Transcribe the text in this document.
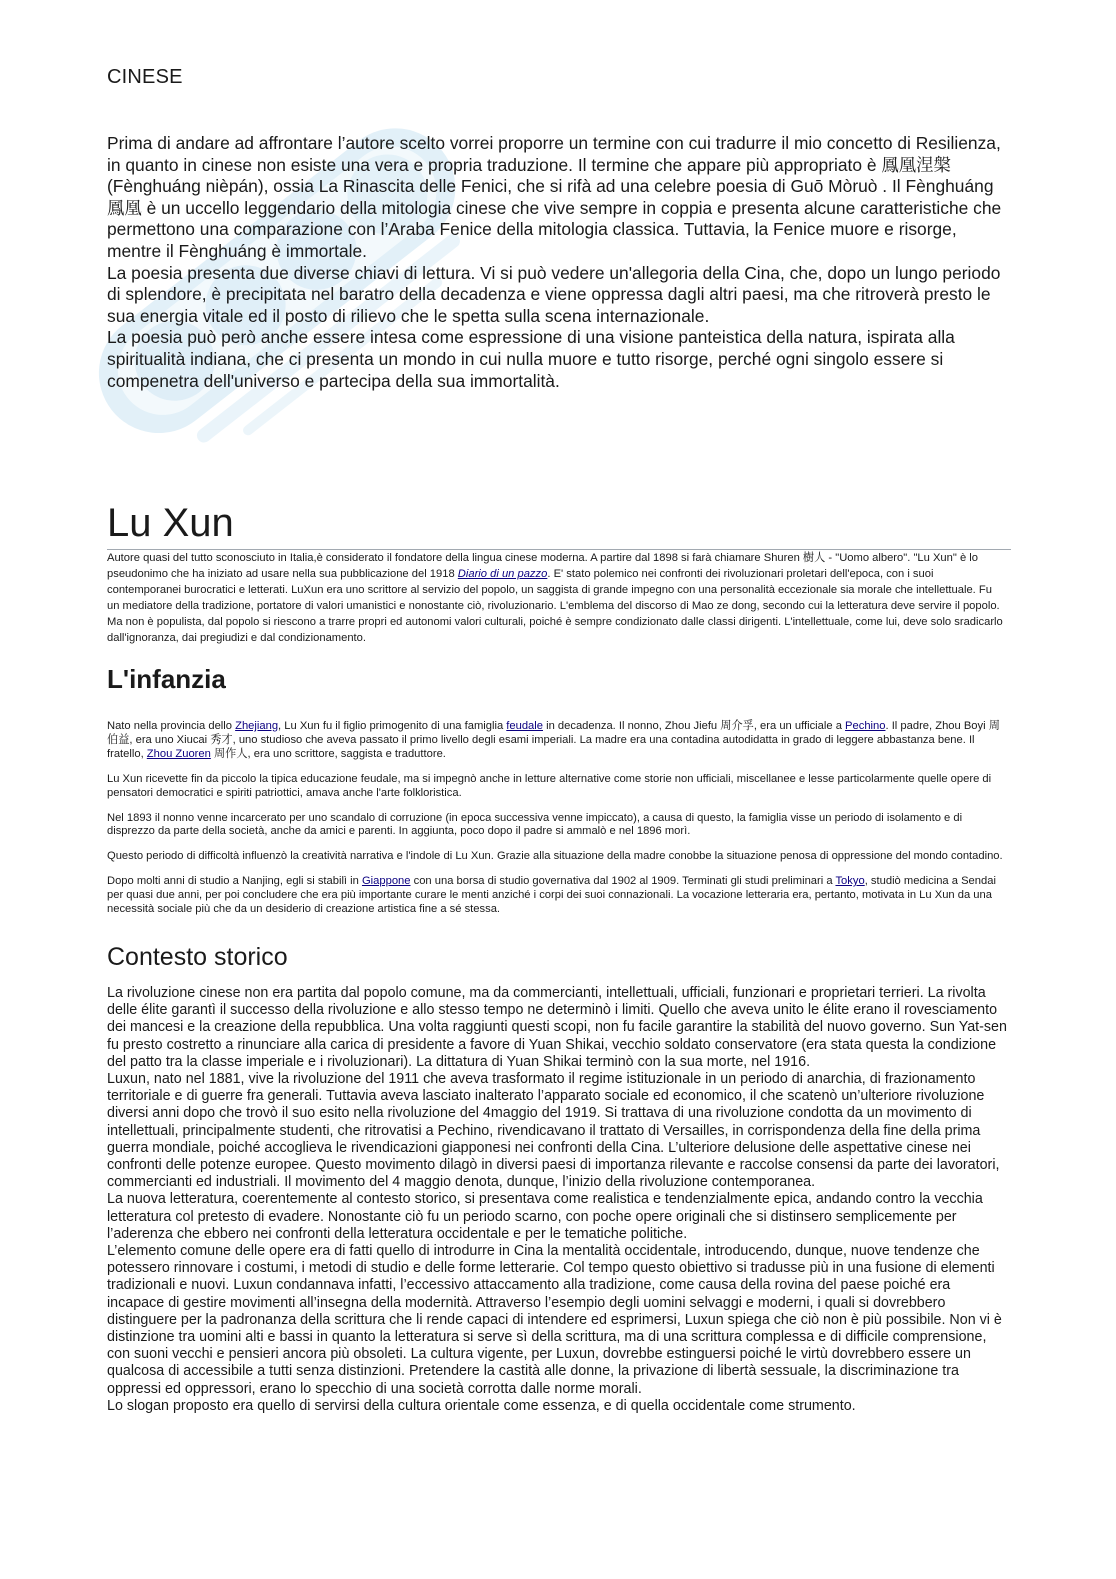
CINESE

Prima di andare ad affrontare l’autore scelto vorrei proporre un termine con cui tradurre il mio concetto di Resilienza, in quanto in cinese non esiste una vera e propria traduzione. Il termine che appare più appropriato è 鳳凰涅槃 (Fènghuáng nièpán), ossia La Rinascita delle Fenici, che si rifà ad una celebre poesia di Guō Mòruò . Il Fènghuáng 鳳凰 è un uccello leggendario della mitologia cinese che vive sempre in coppia e presenta alcune caratteristiche che permettono una comparazione con l’Araba Fenice della mitologia classica. Tuttavia, la Fenice muore e risorge, mentre il Fènghuáng è immortale.

La poesia presenta due diverse chiavi di lettura. Vi si può vedere un'allegoria della Cina, che, dopo un lungo periodo di splendore, è precipitata nel baratro della decadenza e viene oppressa dagli altri paesi, ma che ritroverà presto le sua energia vitale ed il posto di rilievo che le spetta sulla scena internazionale.

La poesia può però anche essere intesa come espressione di una visione panteistica della natura, ispirata alla spiritualità indiana, che ci presenta un mondo in cui nulla muore e tutto risorge, perché ogni singolo essere si compenetra dell'universo e partecipa della sua immortalità.

Lu Xun

Autore quasi del tutto sconosciuto in Italia,è considerato il fondatore della lingua cinese moderna. A partire dal 1898 si farà chiamare Shuren 樹人 - "Uomo albero". "Lu Xun" è lo pseudonimo che ha iniziato ad usare nella sua pubblicazione del 1918 Diario di un pazzo. E' stato polemico nei confronti dei rivoluzionari proletari dell'epoca, con i suoi contemporanei burocratici e letterati. LuXun era uno scrittore al servizio del popolo, un saggista di grande impegno con una personalità eccezionale sia morale che intellettuale. Fu un mediatore della tradizione, portatore di valori umanistici e nonostante ciò, rivoluzionario. L'emblema del discorso di Mao ze dong, secondo cui la letteratura deve servire il popolo. Ma non è populista, dal popolo si riescono a trarre propri ed autonomi valori culturali, poiché è sempre condizionato dalle classi dirigenti. L'intellettuale, come lui, deve solo sradicarlo dall'ignoranza, dai pregiudizi e dal condizionamento.

L'infanzia

Nato nella provincia dello Zhejiang, Lu Xun fu il figlio primogenito di una famiglia feudale in decadenza. Il nonno, Zhou Jiefu 周介孚, era un ufficiale a Pechino. Il padre, Zhou Boyi 周伯益, era uno Xiucai 秀才, uno studioso che aveva passato il primo livello degli esami imperiali. La madre era una contadina autodidatta in grado di leggere abbastanza bene. Il fratello, Zhou Zuoren 周作人, era uno scrittore, saggista e traduttore.

Lu Xun ricevette fin da piccolo la tipica educazione feudale, ma si impegnò anche in letture alternative come storie non ufficiali, miscellanee e lesse particolarmente quelle opere di pensatori democratici e spiriti patriottici, amava anche l'arte folkloristica.

Nel 1893 il nonno venne incarcerato per uno scandalo di corruzione (in epoca successiva venne impiccato), a causa di questo, la famiglia visse un periodo di isolamento e di disprezzo da parte della società, anche da amici e parenti. In aggiunta, poco dopo il padre si ammalò e nel 1896 morì.

Questo periodo di difficoltà influenzò la creatività narrativa e l'indole di Lu Xun. Grazie alla situazione della madre conobbe la situazione penosa di oppressione del mondo contadino.

Dopo molti anni di studio a Nanjing, egli si stabilì in Giappone con una borsa di studio governativa dal 1902 al 1909. Terminati gli studi preliminari a Tokyo, studiò medicina a Sendai per quasi due anni, per poi concludere che era più importante curare le menti anziché i corpi dei suoi connazionali. La vocazione letteraria era, pertanto, motivata in Lu Xun da una necessità sociale più che da un desiderio di creazione artistica fine a sé stessa.

Contesto storico

La rivoluzione cinese non era partita dal popolo comune, ma da commercianti, intellettuali, ufficiali, funzionari e proprietari terrieri. La rivolta delle élite garantì il successo della rivoluzione e allo stesso tempo ne determinò i limiti. Quello che aveva unito le élite erano il rovesciamento dei mancesi e la creazione della repubblica. Una volta raggiunti questi scopi, non fu facile garantire la stabilità del nuovo governo. Sun Yat-sen fu presto costretto a rinunciare alla carica di presidente a favore di Yuan Shikai, vecchio soldato conservatore (era stata questa la condizione del patto tra la classe imperiale e i rivoluzionari). La dittatura di Yuan Shikai terminò con la sua morte, nel 1916.

Luxun, nato nel 1881, vive la rivoluzione del 1911 che aveva trasformato il regime istituzionale in un periodo di anarchia, di frazionamento territoriale e di guerre fra generali. Tuttavia aveva lasciato inalterato l’apparato sociale ed economico, il che scatenò un’ulteriore rivoluzione diversi anni dopo che trovò il suo esito nella rivoluzione del 4maggio del 1919. Si trattava di una rivoluzione condotta da un movimento di intellettuali, principalmente studenti, che ritrovatisi a Pechino, rivendicavano il trattato di Versailles, in corrispondenza della fine della prima guerra mondiale, poiché accoglieva le rivendicazioni giapponesi nei confronti della Cina. L’ulteriore delusione delle aspettative cinese nei confronti delle potenze europee. Questo movimento dilagò in diversi paesi di importanza rilevante e raccolse consensi da parte dei lavoratori, commercianti ed industriali. Il movimento del 4 maggio denota, dunque, l’inizio della rivoluzione contemporanea.

La nuova letteratura, coerentemente al contesto storico, si presentava come realistica e tendenzialmente epica, andando contro la vecchia letteratura col pretesto di evadere. Nonostante ciò fu un periodo scarno, con poche opere originali che si distinsero semplicemente per l’aderenza che ebbero nei confronti della letteratura occidentale e per le tematiche politiche.

L’elemento comune delle opere era di fatti quello di introdurre in Cina la mentalità occidentale, introducendo, dunque, nuove tendenze che potessero rinnovare i costumi, i metodi di studio e delle forme letterarie. Col tempo questo obiettivo si tradusse più in una fusione di elementi tradizionali e nuovi. Luxun condannava infatti, l’eccessivo attaccamento alla tradizione, come causa della rovina del paese poiché era incapace di gestire movimenti all’insegna della modernità. Attraverso l’esempio degli uomini selvaggi e moderni, i quali si dovrebbero distinguere per la padronanza della scrittura che li rende capaci di intendere ed esprimersi, Luxun spiega che ciò non è più possibile. Non vi è distinzione tra uomini alti e bassi in quanto la letteratura si serve sì della scrittura, ma di una scrittura complessa e di difficile comprensione, con suoni vecchi e pensieri ancora più obsoleti. La cultura vigente, per Luxun, dovrebbe estinguersi poiché le virtù dovrebbero essere un qualcosa di accessibile a tutti senza distinzioni. Pretendere la castità alle donne, la privazione di libertà sessuale, la discriminazione tra oppressi ed oppressori, erano lo specchio di una società corrotta dalle norme morali.

Lo slogan proposto era quello di servirsi della cultura orientale come essenza, e di quella occidentale come strumento.
